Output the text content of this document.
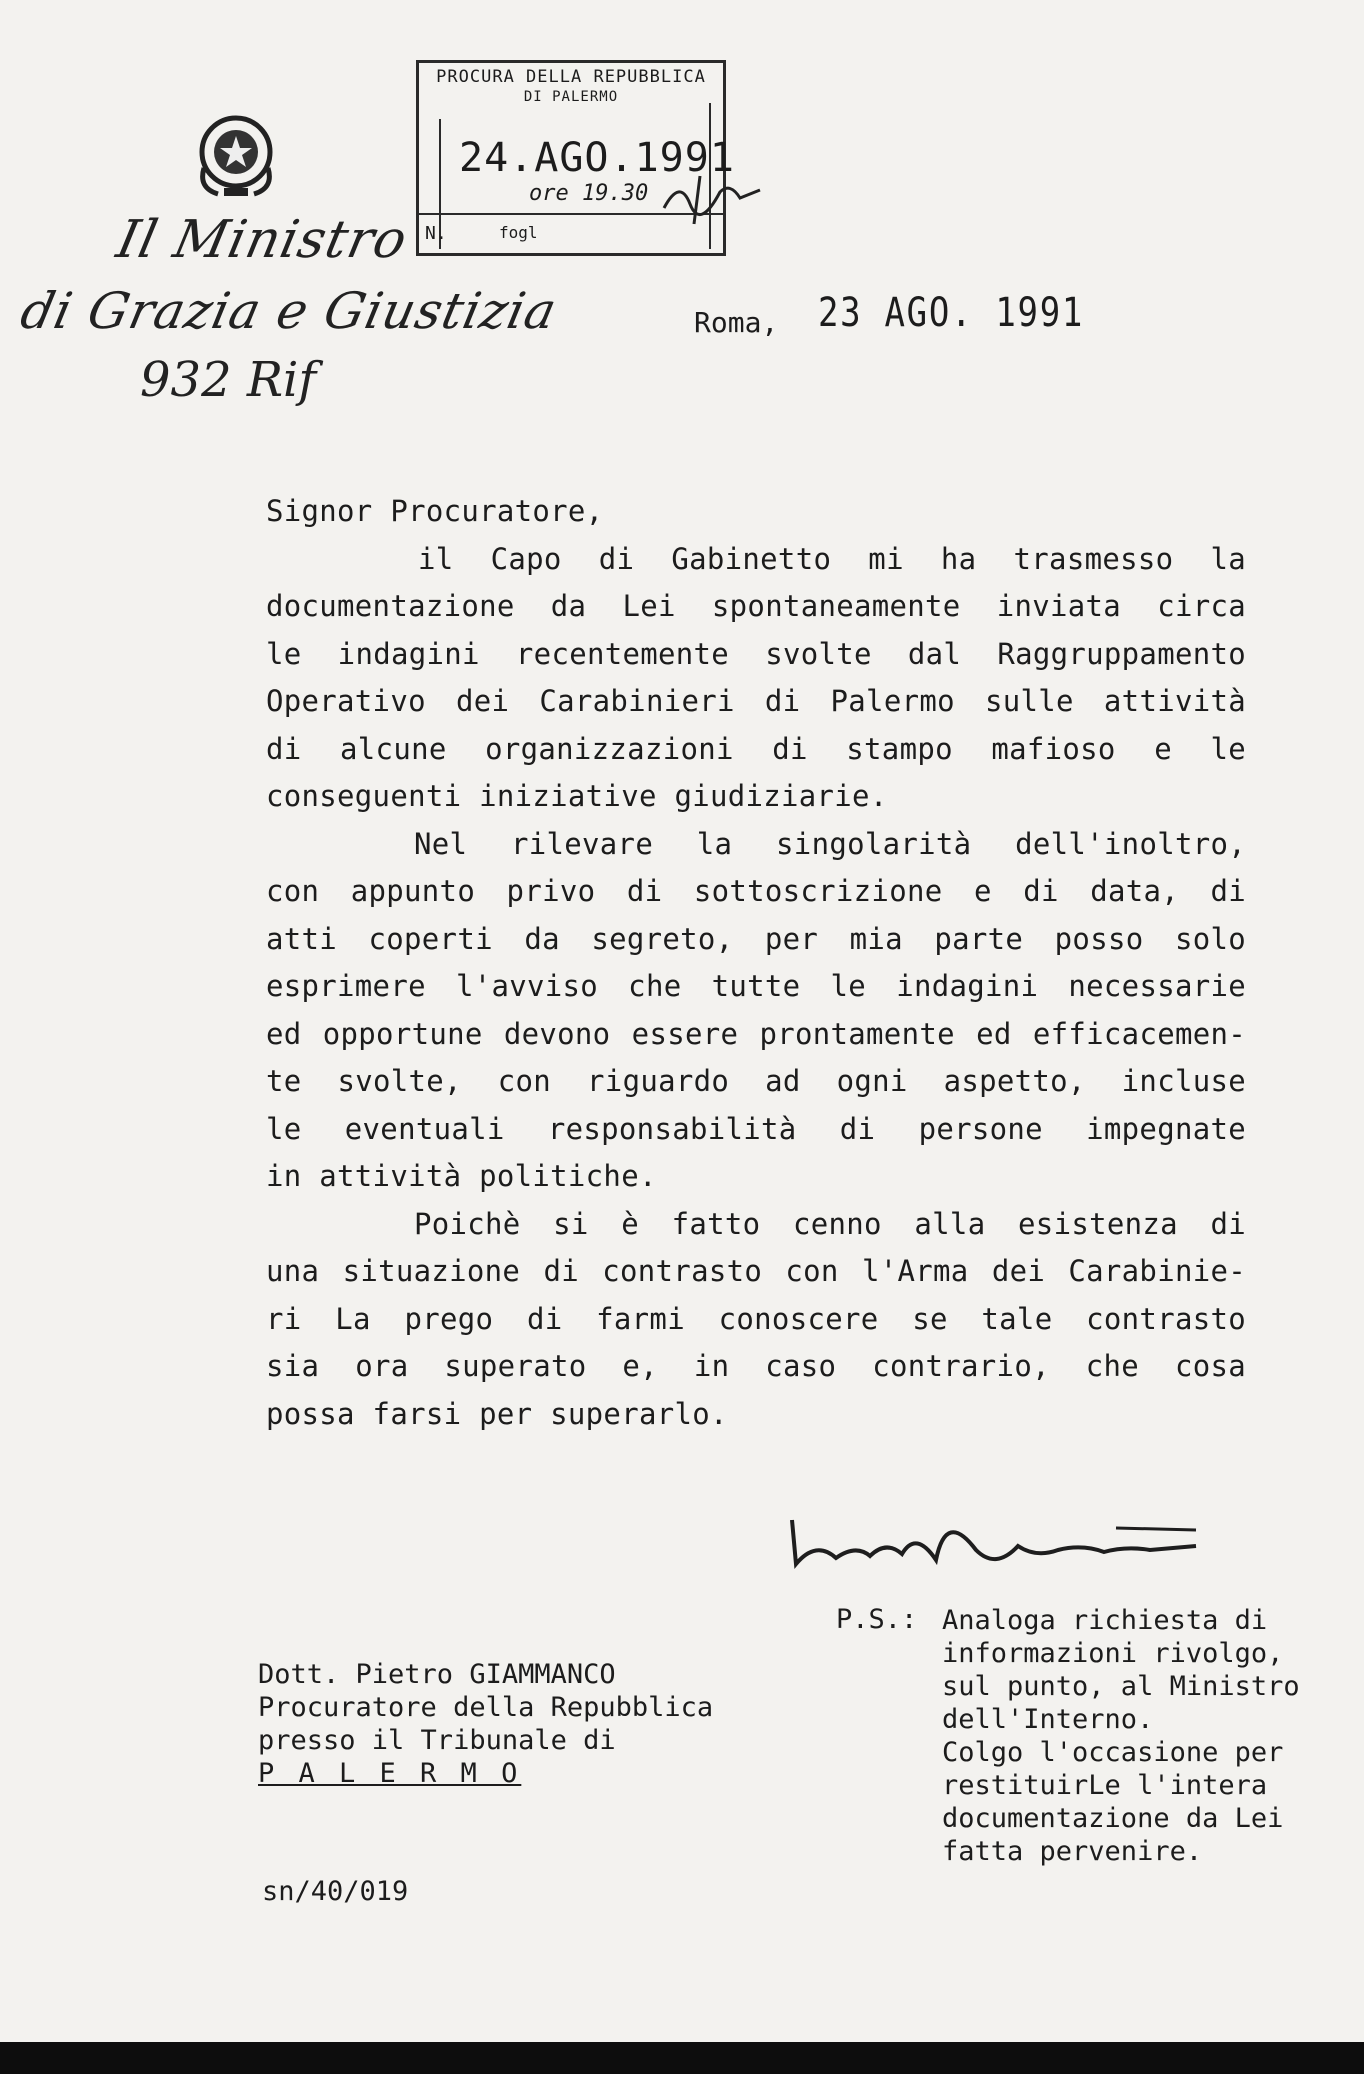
Il Ministro
di Grazia e Giustizia
932 Rif
PROCURA DELLA REPUBBLICA
DI PALERMO
24.AGO.1991
ore 19.30
N.	fogl
Roma, 23 AGO. 1991
Signor Procuratore,
il Capo di Gabinetto mi ha trasmesso la
documentazione da Lei spontaneamente inviata circa
le indagini recentemente svolte dal Raggruppamento
Operativo dei Carabinieri di Palermo sulle attività
di alcune organizzazioni di stampo mafioso e le
conseguenti iniziative giudiziarie.
Nel rilevare la singolarità dell'inoltro,
con appunto privo di sottoscrizione e di data, di
atti coperti da segreto, per mia parte posso solo
esprimere l'avviso che tutte le indagini necessarie
ed opportune devono essere prontamente ed efficacemen-
te svolte, con riguardo ad ogni aspetto, incluse
le eventuali responsabilità di persone impegnate
in attività politiche.
Poichè si è fatto cenno alla esistenza di
una situazione di contrasto con l'Arma dei Carabinie-
ri La prego di farmi conoscere se tale contrasto
sia ora superato e, in caso contrario, che cosa
possa farsi per superarlo.
Dott. Pietro GIAMMANCO
Procuratore della Repubblica
presso il Tribunale di
P A L E R M O
P.S.: Analoga richiesta di
informazioni rivolgo,
sul punto, al Ministro
dell'Interno.
Colgo l'occasione per
restituirLe l'intera
documentazione da Lei
fatta pervenire.
sn/40/019
